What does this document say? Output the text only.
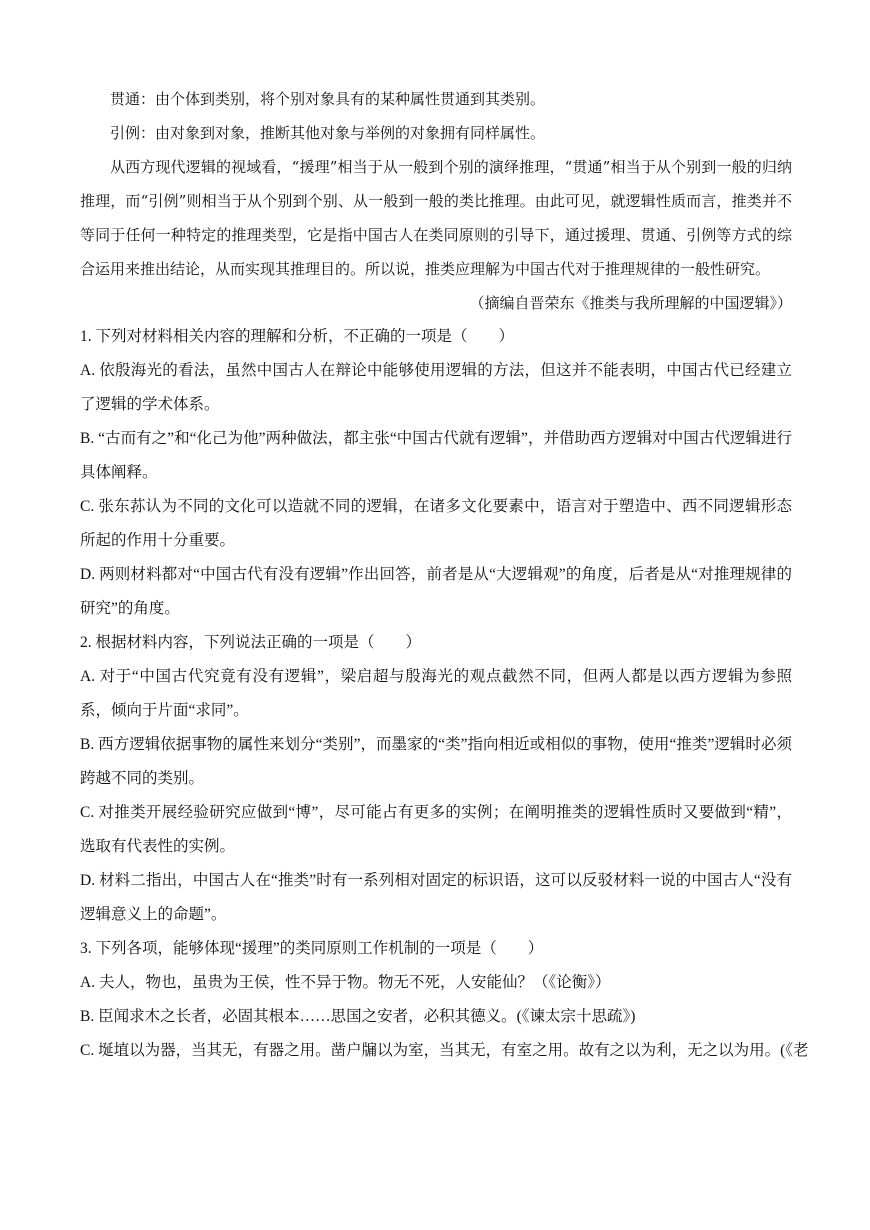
贯通：由个体到类别，将个别对象具有的某种属性贯通到其类别。

引例：由对象到对象，推断其他对象与举例的对象拥有同样属性。

从西方现代逻辑的视域看，“援理”相当于从一般到个别的演绎推理，“贯通”相当于从个别到一般的归纳推理，而“引例”则相当于从个别到个别、从一般到一般的类比推理。由此可见，就逻辑性质而言，推类并不等同于任何一种特定的推理类型，它是指中国古人在类同原则的引导下，通过援理、贯通、引例等方式的综合运用来推出结论，从而实现其推理目的。所以说，推类应理解为中国古代对于推理规律的一般性研究。

（摘编自晋荣东《推类与我所理解的中国逻辑》）

1. 下列对材料相关内容的理解和分析，不正确的一项是（　　）

A. 依殷海光的看法，虽然中国古人在辩论中能够使用逻辑的方法，但这并不能表明，中国古代已经建立了逻辑的学术体系。

B. “古而有之”和“化己为他”两种做法，都主张“中国古代就有逻辑”，并借助西方逻辑对中国古代逻辑进行具体阐释。

C. 张东荪认为不同的文化可以造就不同的逻辑，在诸多文化要素中，语言对于塑造中、西不同逻辑形态所起的作用十分重要。

D. 两则材料都对“中国古代有没有逻辑”作出回答，前者是从“大逻辑观”的角度，后者是从“对推理规律的研究”的角度。

2. 根据材料内容，下列说法正确的一项是（　　）

A. 对于“中国古代究竟有没有逻辑”，梁启超与殷海光的观点截然不同，但两人都是以西方逻辑为参照系，倾向于片面“求同”。

B. 西方逻辑依据事物的属性来划分“类别”，而墨家的“类”指向相近或相似的事物，使用“推类”逻辑时必须跨越不同的类别。

C. 对推类开展经验研究应做到“博”，尽可能占有更多的实例；在阐明推类的逻辑性质时又要做到“精”，选取有代表性的实例。

D. 材料二指出，中国古人在“推类”时有一系列相对固定的标识语，这可以反驳材料一说的中国古人“没有逻辑意义上的命题”。

3. 下列各项，能够体现“援理”的类同原则工作机制的一项是（　　）

A. 夫人，物也，虽贵为王侯，性不异于物。物无不死，人安能仙？（《论衡》）

B. 臣闻求木之长者，必固其根本……思国之安者，必积其德义。(《谏太宗十思疏》)

C. 埏埴以为器，当其无，有器之用。凿户牖以为室，当其无，有室之用。故有之以为利，无之以为用。(《老
